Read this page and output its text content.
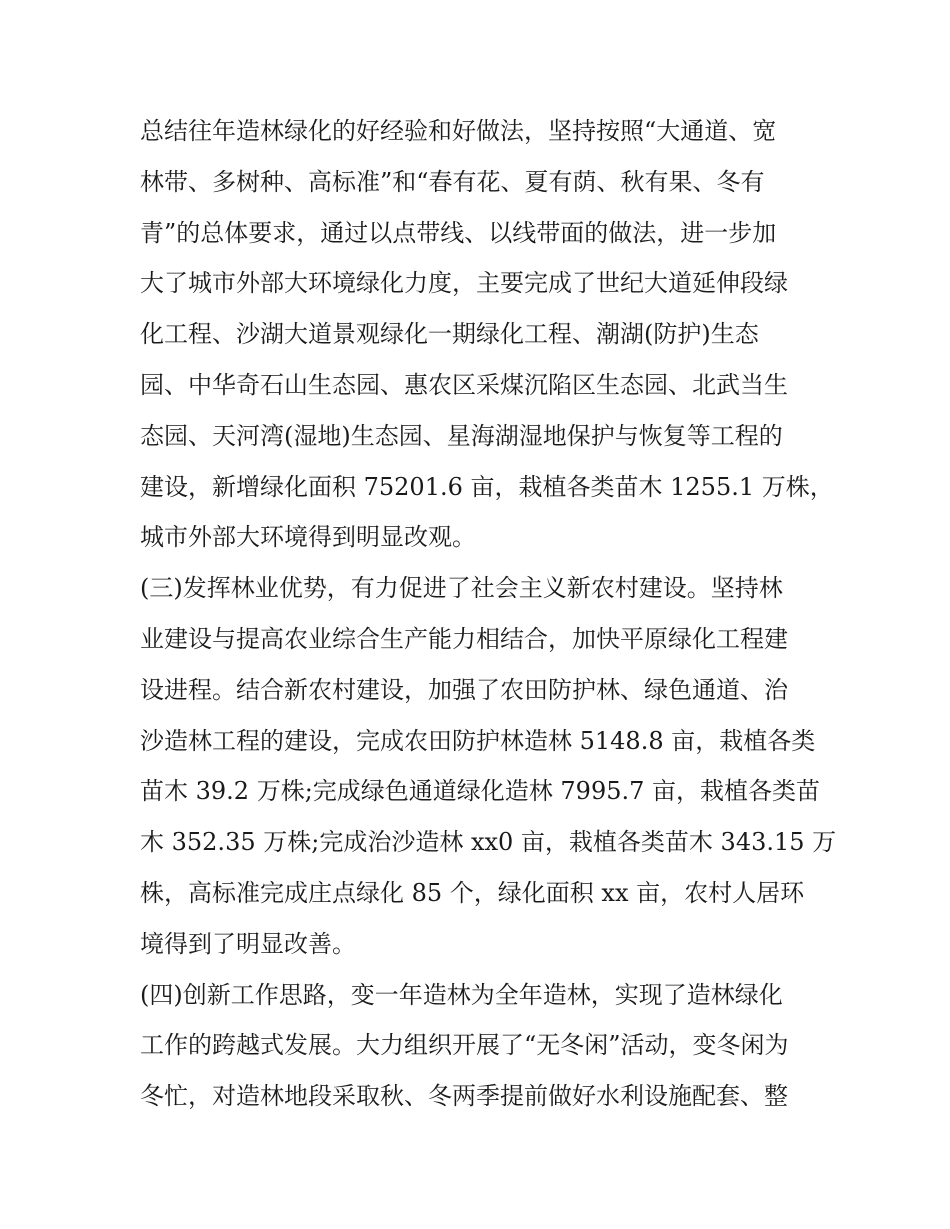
总结往年造林绿化的好经验和好做法，坚持按照“大通道、宽

林带、多树种、高标准”和“春有花、夏有荫、秋有果、冬有

青”的总体要求，通过以点带线、以线带面的做法，进一步加

大了城市外部大环境绿化力度，主要完成了世纪大道延伸段绿

化工程、沙湖大道景观绿化一期绿化工程、潮湖(防护)生态

园、中华奇石山生态园、惠农区采煤沉陷区生态园、北武当生

态园、天河湾(湿地)生态园、星海湖湿地保护与恢复等工程的

建设，新增绿化面积 75201.6 亩，栽植各类苗木 1255.1 万株，

城市外部大环境得到明显改观。

(三)发挥林业优势，有力促进了社会主义新农村建设。坚持林

业建设与提高农业综合生产能力相结合，加快平原绿化工程建

设进程。结合新农村建设，加强了农田防护林、绿色通道、治

沙造林工程的建设，完成农田防护林造林 5148.8 亩，栽植各类

苗木 39.2 万株;完成绿色通道绿化造林 7995.7 亩，栽植各类苗

木 352.35 万株;完成治沙造林 xx0 亩，栽植各类苗木 343.15 万

株，高标准完成庄点绿化 85 个，绿化面积 xx 亩，农村人居环

境得到了明显改善。

(四)创新工作思路，变一年造林为全年造林，实现了造林绿化

工作的跨越式发展。大力组织开展了“无冬闲”活动，变冬闲为

冬忙，对造林地段采取秋、冬两季提前做好水利设施配套、整
